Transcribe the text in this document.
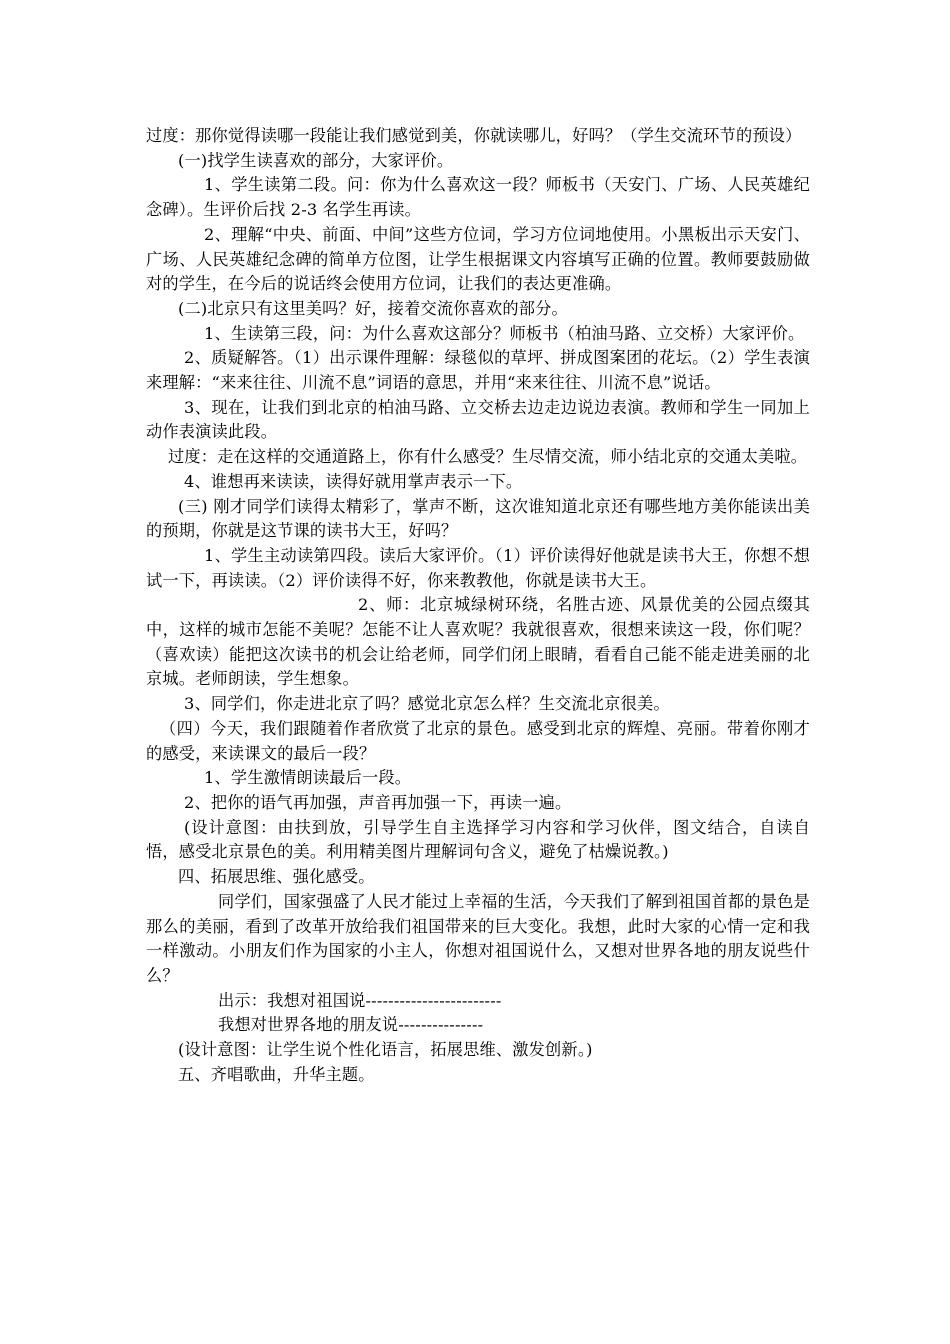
过度：那你觉得读哪一段能让我们感觉到美，你就读哪儿，好吗？（学生交流环节的预设）

(一)找学生读喜欢的部分，大家评价。

1、学生读第二段。问：你为什么喜欢这一段？师板书（天安门、广场、人民英雄纪念碑）。生评价后找 2-3 名学生再读。

2、理解“中央、前面、中间”这些方位词，学习方位词地使用。小黑板出示天安门、广场、人民英雄纪念碑的简单方位图，让学生根据课文内容填写正确的位置。教师要鼓励做对的学生，在今后的说话终会使用方位词，让我们的表达更准确。

(二)北京只有这里美吗？好，接着交流你喜欢的部分。

1、生读第三段，问：为什么喜欢这部分？师板书（柏油马路、立交桥）大家评价。

2、质疑解答。（1）出示课件理解：绿毯似的草坪、拼成图案团的花坛。（2）学生表演来理解：“来来往往、川流不息”词语的意思，并用“来来往往、川流不息”说话。

3、现在，让我们到北京的柏油马路、立交桥去边走边说边表演。教师和学生一同加上动作表演读此段。

过度：走在这样的交通道路上，你有什么感受？生尽情交流，师小结北京的交通太美啦。

4、谁想再来读读，读得好就用掌声表示一下。

(三) 刚才同学们读得太精彩了，掌声不断，这次谁知道北京还有哪些地方美你能读出美的预期，你就是这节课的读书大王，好吗？

1、学生主动读第四段。读后大家评价。（1）评价读得好他就是读书大王，你想不想试一下，再读读。（2）评价读得不好，你来教教他，你就是读书大王。

2、师：北京城绿树环绕，名胜古迹、风景优美的公园点缀其中，这样的城市怎能不美呢？怎能不让人喜欢呢？我就很喜欢，很想来读这一段，你们呢？（喜欢读）能把这次读书的机会让给老师，同学们闭上眼睛，看看自己能不能走进美丽的北京城。老师朗读，学生想象。

3、同学们，你走进北京了吗？感觉北京怎么样？生交流北京很美。

（四）今天，我们跟随着作者欣赏了北京的景色。感受到北京的辉煌、亮丽。带着你刚才的感受，来读课文的最后一段？

1、学生激情朗读最后一段。

2、把你的语气再加强，声音再加强一下，再读一遍。

(设计意图：由扶到放，引导学生自主选择学习内容和学习伙伴，图文结合，自读自悟，感受北京景色的美。利用精美图片理解词句含义，避免了枯燥说教。)

四、拓展思维、强化感受。

同学们，国家强盛了人民才能过上幸福的生活，今天我们了解到祖国首都的景色是那么的美丽，看到了改革开放给我们祖国带来的巨大变化。我想，此时大家的心情一定和我一样激动。小朋友们作为国家的小主人，你想对祖国说什么，又想对世界各地的朋友说些什么？

出示：我想对祖国说------------------------

我想对世界各地的朋友说---------------

(设计意图：让学生说个性化语言，拓展思维、激发创新。)

五、齐唱歌曲，升华主题。
